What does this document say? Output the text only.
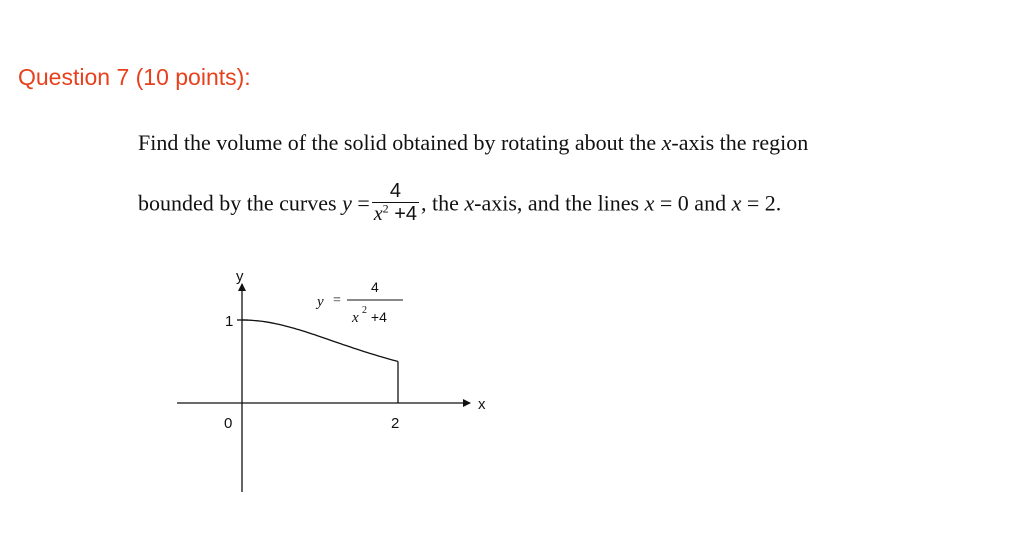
Question 7 (10 points):
Find the volume of the solid obtained by rotating about the x-axis the region
bounded by the curves $y = \frac{4}{x^2 +4}$ , the x-axis, and the lines x = 0 and x = 2.
y
x
1
0	2
y =
4
x 2 +4
